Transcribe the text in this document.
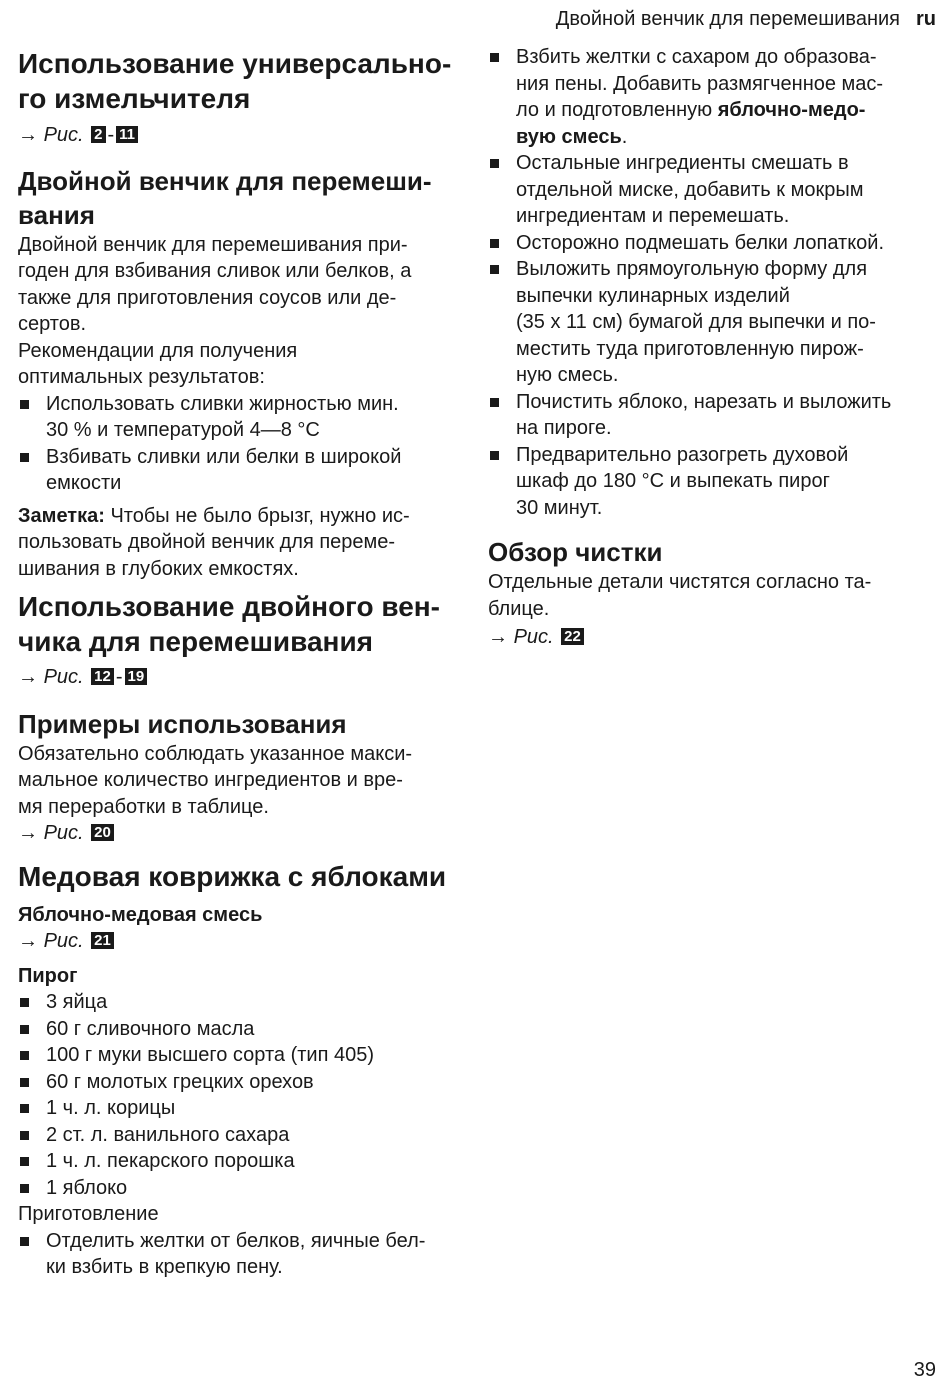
Двойной венчик для перемешивания ru
Использование универсально-
го измельчителя
→ Рис. 2 - 11
Двойной венчик для перемеши-
вания

Двойной венчик для перемешивания при-

годен для взбивания сливок или белков, а

также для приготовления соусов или де-

сертов.

Рекомендации для получения

оптимальных результатов:

Использовать сливки жирностью мин.
30 % и температурой 4—8 °C
Взбивать сливки или белки в широкой
емкости

Заметка: Чтобы не было брызг, нужно ис-

пользовать двойной венчик для переме-

шивания в глубоких емкостях.

Использование двойного вен-
чика для перемешивания
→ Рис. 12 - 19
Примеры использования

Обязательно соблюдать указанное макси-

мальное количество ингредиентов и вре-

мя переработки в таблице.

→ Рис. 20
Медовая коврижка с яблоками
Яблочно-медовая смесь
→ Рис. 21
Пирог
3 яйца
60 г сливочного масла
100 г муки высшего сорта (тип 405)
60 г молотых грецких орехов
1 ч. л. корицы
2 ст. л. ванильного сахара
1 ч. л. пекарского порошка
1 яблоко

Приготовление

Отделить желтки от белков, яичные бел-
ки взбить в крепкую пену.
Взбить желтки с сахаром до образова-
ния пены. Добавить размягченное мас-
ло и подготовленную яблочно-медо-
вую смесь.
Остальные ингредиенты смешать в
отдельной миске, добавить к мокрым
ингредиентам и перемешать.
Осторожно подмешать белки лопаткой.
Выложить прямоугольную форму для
выпечки кулинарных изделий
(35 x 11 см) бумагой для выпечки и по-
местить туда приготовленную пирож-
ную смесь.
Почистить яблоко, нарезать и выложить
на пироге.
Предварительно разогреть духовой
шкаф до 180 °C и выпекать пирог
30 минут.
Обзор чистки

Отдельные детали чистятся согласно та-

блице.

→ Рис. 22
39
